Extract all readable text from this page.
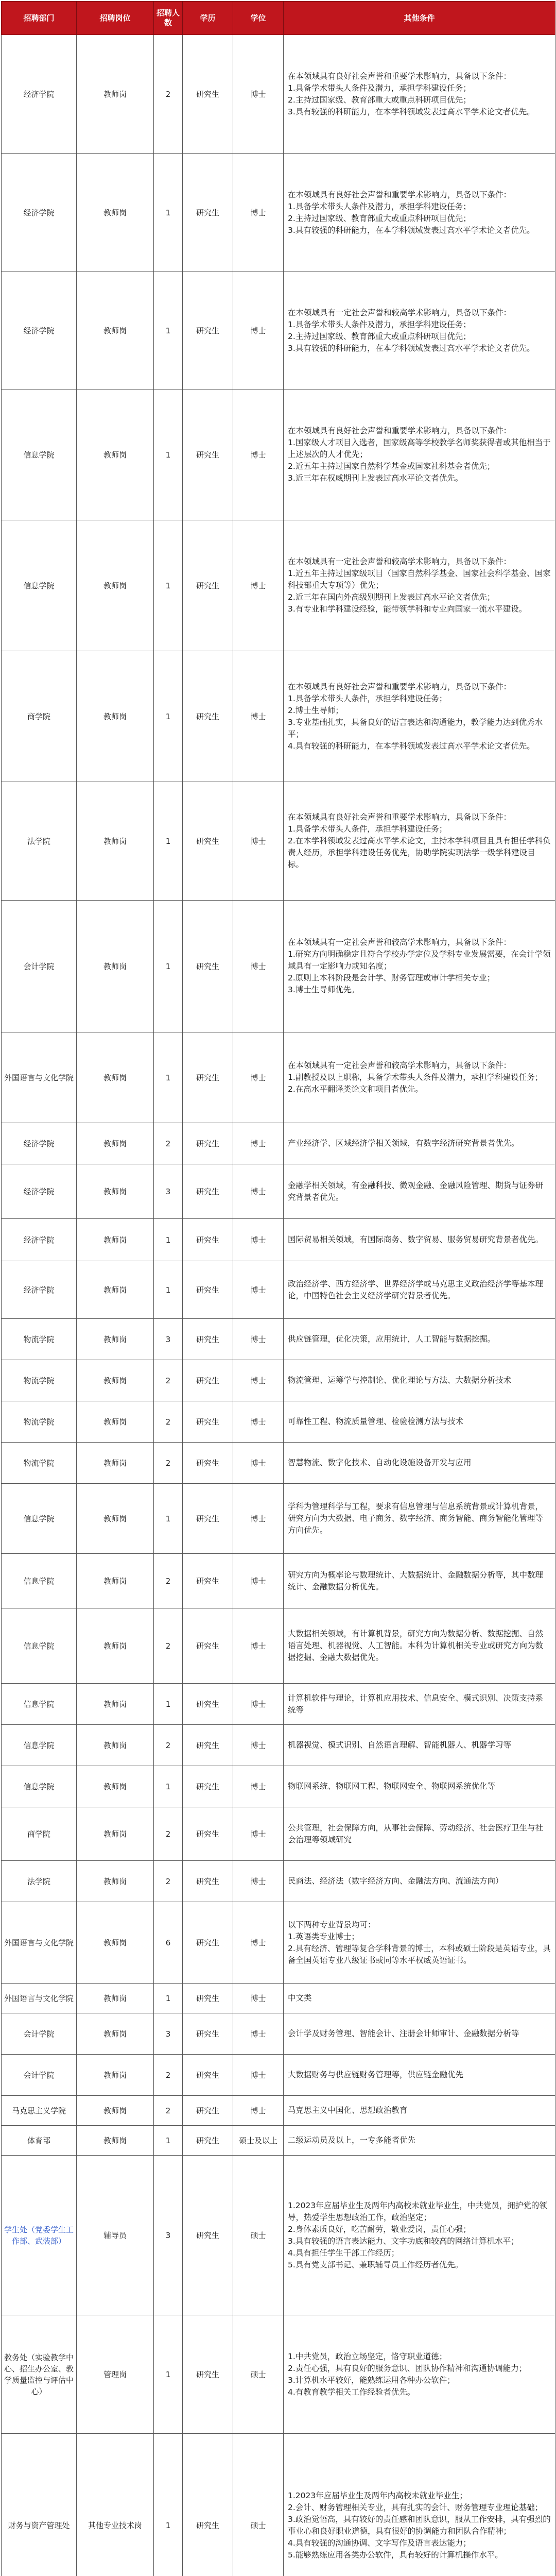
招聘部门	招聘岗位	招聘人数	学历	学位	其他条件
经济学院	教师岗	2	研究生	博士	在本领域具有良好社会声誉和重要学术影响力，具备以下条件：
1.具备学术带头人条件及潜力，承担学科建设任务；
2.主持过国家级、教育部重大或重点科研项目优先；
3.具有较强的科研能力，在本学科领域发表过高水平学术论文者优先。
经济学院	教师岗	1	研究生	博士	在本领域具有良好社会声誉和重要学术影响力，具备以下条件：
1.具备学术带头人条件及潜力，承担学科建设任务；
2.主持过国家级、教育部重大或重点科研项目优先；
3.具有较强的科研能力，在本学科领域发表过高水平学术论文者优先。
经济学院	教师岗	1	研究生	博士	在本领域具有一定社会声誉和较高学术影响力，具备以下条件：
1.具备学术带头人条件及潜力，承担学科建设任务；
2.主持过国家级、教育部重大或重点科研项目优先；
3.具有较强的科研能力，在本学科领域发表过高水平学术论文者优先。
信息学院	教师岗	1	研究生	博士	在本领域具有良好社会声誉和重要学术影响力，具备以下条件：
1.国家级人才项目入选者，国家级高等学校教学名师奖获得者或其他相当于上述层次的人才优先；
2.近五年主持过国家自然科学基金或国家社科基金者优先；
3.近三年在权威期刊上发表过高水平论文者优先。
信息学院	教师岗	1	研究生	博士	在本领域具有一定社会声誉和较高学术影响力，具备以下条件：
1.近五年主持过国家级项目（国家自然科学基金、国家社会科学基金、国家科技部重大专项等）优先；
2.近三年在国内外高级别期刊上发表过高水平论文者优先；
3.有专业和学科建设经验，能带领学科和专业向国家一流水平建设。
商学院	教师岗	1	研究生	博士	在本领域具有良好社会声誉和重要学术影响力，具备以下条件：
1.具备学术带头人条件，承担学科建设任务；
2.博士生导师；
3.专业基础扎实，具备良好的语言表达和沟通能力，教学能力达到优秀水平；
4.具有较强的科研能力，在本学科领域发表过高水平学术论文者优先。
法学院	教师岗	1	研究生	博士	在本领域具有良好社会声誉和重要学术影响力，具备以下条件：
1.具备学术带头人条件，承担学科建设任务；
2.在本学科领域发表过高水平学术论文，主持本学科项目且具有担任学科负责人经历，承担学科建设任务优先，协助学院实现法学一级学科建设目标。
会计学院	教师岗	1	研究生	博士	在本领域具有一定社会声誉和较高学术影响力，具备以下条件：
1.研究方向明确稳定且符合学校办学定位及学科专业发展需要，在会计学领域具有一定影响力或知名度；
2.原则上本科阶段是会计学、财务管理或审计学相关专业；
3.博士生导师优先。
外国语言与文化学院	教师岗	1	研究生	博士	在本领域具有一定社会声誉和较高学术影响力，具备以下条件：
1.副教授及以上职称，具备学术带头人条件及潜力，承担学科建设任务；
2.在高水平翻译类论文和项目者优先。
经济学院	教师岗	2	研究生	博士	产业经济学、区域经济学相关领域，有数字经济研究背景者优先。
经济学院	教师岗	3	研究生	博士	金融学相关领域，有金融科技、微观金融、金融风险管理、期货与证券研究背景者优先。
经济学院	教师岗	1	研究生	博士	国际贸易相关领域，有国际商务、数字贸易、服务贸易研究背景者优先。
经济学院	教师岗	1	研究生	博士	政治经济学、西方经济学、世界经济学或马克思主义政治经济学等基本理论，中国特色社会主义经济学研究背景者优先。
物流学院	教师岗	3	研究生	博士	供应链管理，优化决策，应用统计，人工智能与数据挖掘。
物流学院	教师岗	2	研究生	博士	物流管理、运筹学与控制论、优化理论与方法、大数据分析技术
物流学院	教师岗	2	研究生	博士	可靠性工程、物流质量管理、检验检测方法与技术
物流学院	教师岗	2	研究生	博士	智慧物流、数字化技术、自动化设施设备开发与应用
信息学院	教师岗	1	研究生	博士	学科为管理科学与工程，要求有信息管理与信息系统背景或计算机背景，研究方向为大数据、电子商务、数字经济、商务智能、商务智能化管理等方向优先。
信息学院	教师岗	2	研究生	博士	研究方向为概率论与数理统计、大数据统计、金融数据分析等，其中数理统计、金融数据分析优先。
信息学院	教师岗	2	研究生	博士	大数据相关领域，有计算机背景，研究方向为数据分析、数据挖掘、自然语言处理、机器视觉、人工智能。本科为计算机相关专业或研究方向为数据挖掘、金融大数据优先。
信息学院	教师岗	1	研究生	博士	计算机软件与理论，计算机应用技术、信息安全、模式识别、决策支持系统等
信息学院	教师岗	2	研究生	博士	机器视觉、模式识别、自然语言理解、智能机器人、机器学习等
信息学院	教师岗	1	研究生	博士	物联网系统、物联网工程、物联网安全、物联网系统优化等
商学院	教师岗	2	研究生	博士	公共管理，社会保障方向，从事社会保障、劳动经济、社会医疗卫生与社会治理等领域研究
法学院	教师岗	2	研究生	博士	民商法、经济法（数字经济方向、金融法方向、流通法方向）
外国语言与文化学院	教师岗	6	研究生	博士	以下两种专业背景均可：
1.英语类专业博士；
2.具有经济、管理等复合学科背景的博士，本科或硕士阶段是英语专业，具备全国英语专业八级证书或同等水平权威英语证书。
外国语言与文化学院	教师岗	1	研究生	博士	中文类
会计学院	教师岗	3	研究生	博士	会计学及财务管理、智能会计、注册会计师审计、金融数据分析等
会计学院	教师岗	2	研究生	博士	大数据财务与供应链财务管理等，供应链金融优先
马克思主义学院	教师岗	2	研究生	博士	马克思主义中国化、思想政治教育
体育部	教师岗	1	研究生	硕士及以上	二级运动员及以上，一专多能者优先
学生处（党委学生工作部、武装部）	辅导员	3	研究生	硕士	1.2023年应届毕业生及两年内高校未就业毕业生，中共党员，拥护党的领导，热爱学生思想政治工作，政治坚定；
2.身体素质良好，吃苦耐劳，敬业爱岗，责任心强；
3.具有较强的语言表达能力、文字功底和较高的网络计算机水平；
4.具有担任学生干部工作经历；
5.具有党支部书记、兼职辅导员工作经历者优先。
教务处（实验教学中心、招生办公室、教学质量监控与评估中心）	管理岗	1	研究生	硕士	1.中共党员，政治立场坚定，恪守职业道德；
2.责任心强，具有良好的服务意识、团队协作精神和沟通协调能力；
3.计算机水平较好，能熟练运用各种办公软件；
4.有教育教学相关工作经验者优先。
财务与资产管理处	其他专业技术岗	1	研究生	硕士	1.2023年应届毕业生及两年内高校未就业毕业生；
2.会计、财务管理相关专业，具有扎实的会计、财务管理专业理论基础；
3.政治觉悟高，具有较好的责任感和团队意识，服从工作安排，具有强烈的事业心和良好职业道德，具有很好的协调能力和团队合作精神；
4.具有较强的沟通协调、文字写作及语言表达能力；
5.能够熟练应用各类办公软件，具有较好的计算机操作水平。
